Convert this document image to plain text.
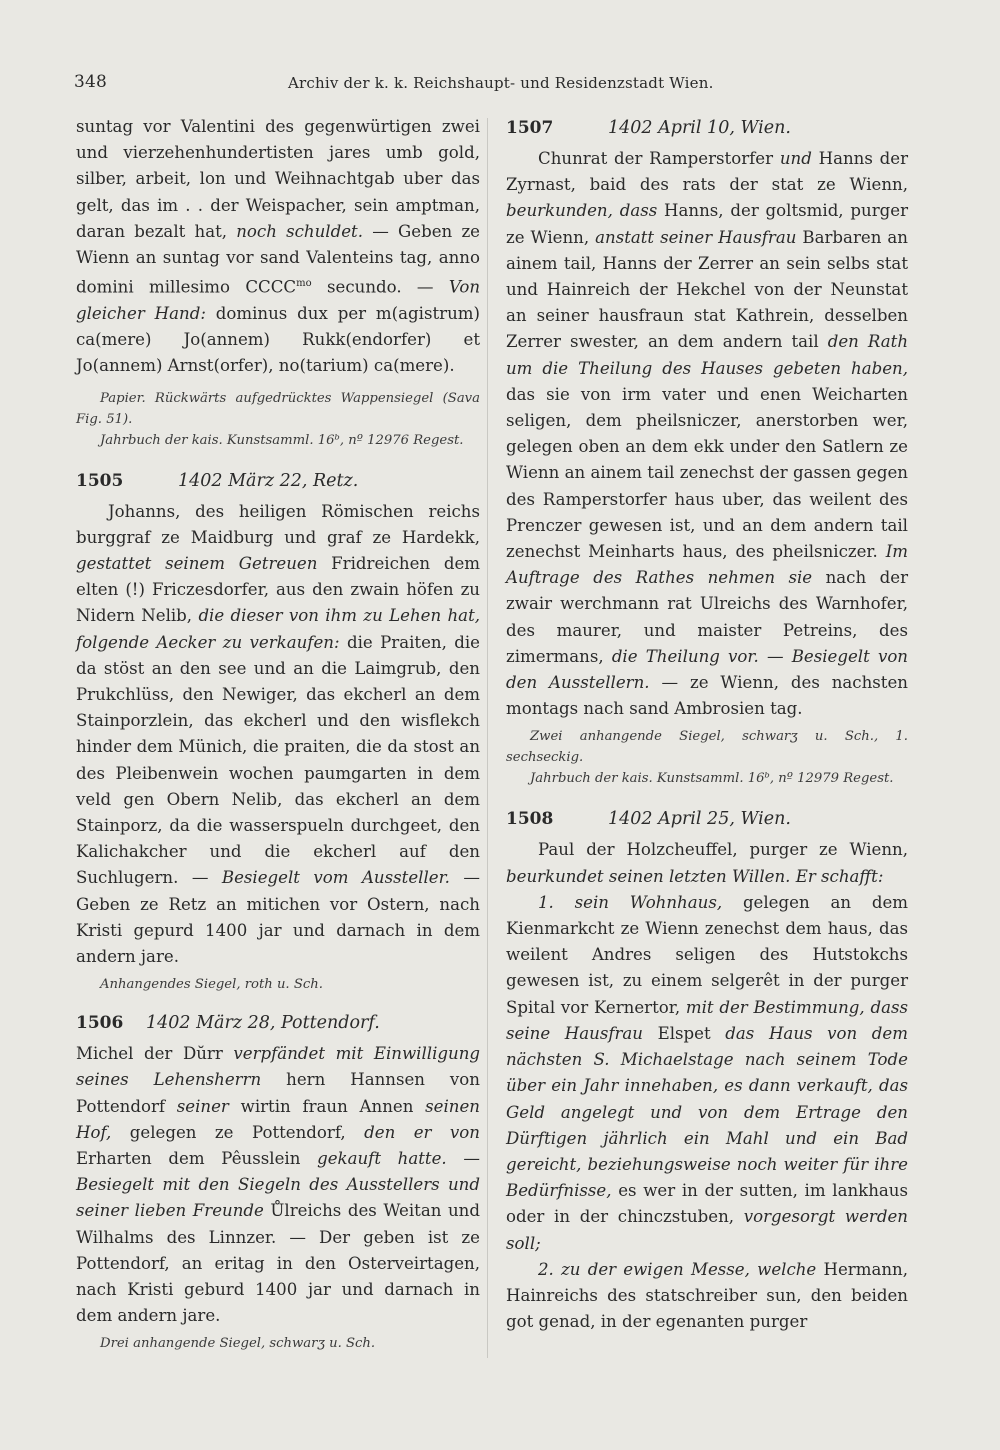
348	Archiv der k. k. Reichshaupt- und Residenzstadt Wien.

suntag vor Valentini des gegenwürtigen zwei und vierzehenhundertisten jares umb gold, silber, arbeit, lon und Weihnachtgab uber das gelt, das im . . der Weispacher, sein amptman, daran bezalt hat, noch schuldet. — Geben ze Wienn an suntag vor sand Valenteins tag, anno domini millesimo $CCCC^{mo}$ secundo. — Von gleicher Hand: dominus dux per m(agistrum) ca(mere) Jo(annem) Rukk(endorfer) et Jo(annem) Arnst(orfer), no(tarium) ca(mere).

Papier. Rückwärts aufgedrücktes Wappensiegel (Sava Fig. 51).

Jahrbuch der kais. Kunstsamml. 16ᵇ, nº 12976 Regest.

1505	1402 März 22, Retz.

Johanns, des heiligen Römischen reichs burggraf ze Maidburg und graf ze Hardekk, gestattet seinem Getreuen Fridreichen dem elten (!) Friczesdorfer, aus den zwain höfen zu Nidern Nelib, die dieser von ihm zu Lehen hat, folgende Aecker zu verkaufen: die Praiten, die da stöst an den see und an die Laimgrub, den Prukchlüss, den Newiger, das ekcherl an dem Stainporzlein, das ekcherl und den wisflekch hinder dem Münich, die praiten, die da stost an des Pleibenwein wochen paumgarten in dem veld gen Obern Nelib, das ekcherl an dem Stainporz, da die wasserspueln durchgeet, den Kalichakcher und die ekcherl auf den Suchlugern. — Besiegelt vom Aussteller. — Geben ze Retz an mitichen vor Ostern, nach Kristi gepurd 1400 jar und darnach in dem andern jare.

Anhangendes Siegel, roth u. Sch.

1506 1402 März 28, Pottendorf.

Michel der Dŭrr verpfändet mit Einwilligung seines Lehensherrn hern Hannsen von Pottendorf seiner wirtin fraun Annen seinen Hof, gelegen ze Pottendorf, den er von Erharten dem Pêusslein gekauft hatte. — Besiegelt mit den Siegeln des Ausstellers und seiner lieben Freunde Ůlreichs des Weitan und Wilhalms des Linnzer. — Der geben ist ze Pottendorf, an eritag in den Osterveirtagen, nach Kristi geburd 1400 jar und darnach in dem andern jare.

Drei anhangende Siegel, schwarʒ u. Sch.

1507	1402 April 10, Wien.

Chunrat der Ramperstorfer und Hanns der Zyrnast, baid des rats der stat ze Wienn, beurkunden, dass Hanns, der goltsmid, purger ze Wienn, anstatt seiner Hausfrau Barbaren an ainem tail, Hanns der Zerrer an sein selbs stat und Hainreich der Hekchel von der Neunstat an seiner hausfraun stat Kathrein, desselben Zerrer swester, an dem andern tail den Rath um die Theilung des Hauses gebeten haben, das sie von irm vater und enen Weicharten seligen, dem pheilsniczer, anerstorben wer, gelegen oben an dem ekk under den Satlern ze Wienn an ainem tail zenechst der gassen gegen des Ramperstorfer haus uber, das weilent des Prenczer gewesen ist, und an dem andern tail zenechst Meinharts haus, des pheilsniczer. Im Auftrage des Rathes nehmen sie nach der zwair werchmann rat Ulreichs des Warnhofer, des maurer, und maister Petreins, des zimermans, die Theilung vor. — Besiegelt von den Ausstellern. — ze Wienn, des nachsten montags nach sand Ambrosien tag.

Zwei anhangende Siegel, schwarʒ u. Sch., 1. sechseckig.

Jahrbuch der kais. Kunstsamml. 16ᵇ, nº 12979 Regest.

1508	1402 April 25, Wien.

Paul der Holzcheuffel, purger ze Wienn, beurkundet seinen letzten Willen. Er schafft:

1. sein Wohnhaus, gelegen an dem Kienmarkcht ze Wienn zenechst dem haus, das weilent Andres seligen des Hutstokchs gewesen ist, zu einem selgerêt in der purger Spital vor Kernertor, mit der Bestimmung, dass seine Hausfrau Elspet das Haus von dem nächsten S. Michaelstage nach seinem Tode über ein Jahr innehaben, es dann verkauft, das Geld angelegt und von dem Ertrage den Dürftigen jährlich ein Mahl und ein Bad gereicht, beziehungsweise noch weiter für ihre Bedürfnisse, es wer in der sutten, im lankhaus oder in der chinczstuben, vorgesorgt werden soll;

2. zu der ewigen Messe, welche Hermann, Hainreichs des statschreiber sun, den beiden got genad, in der egenanten purger
